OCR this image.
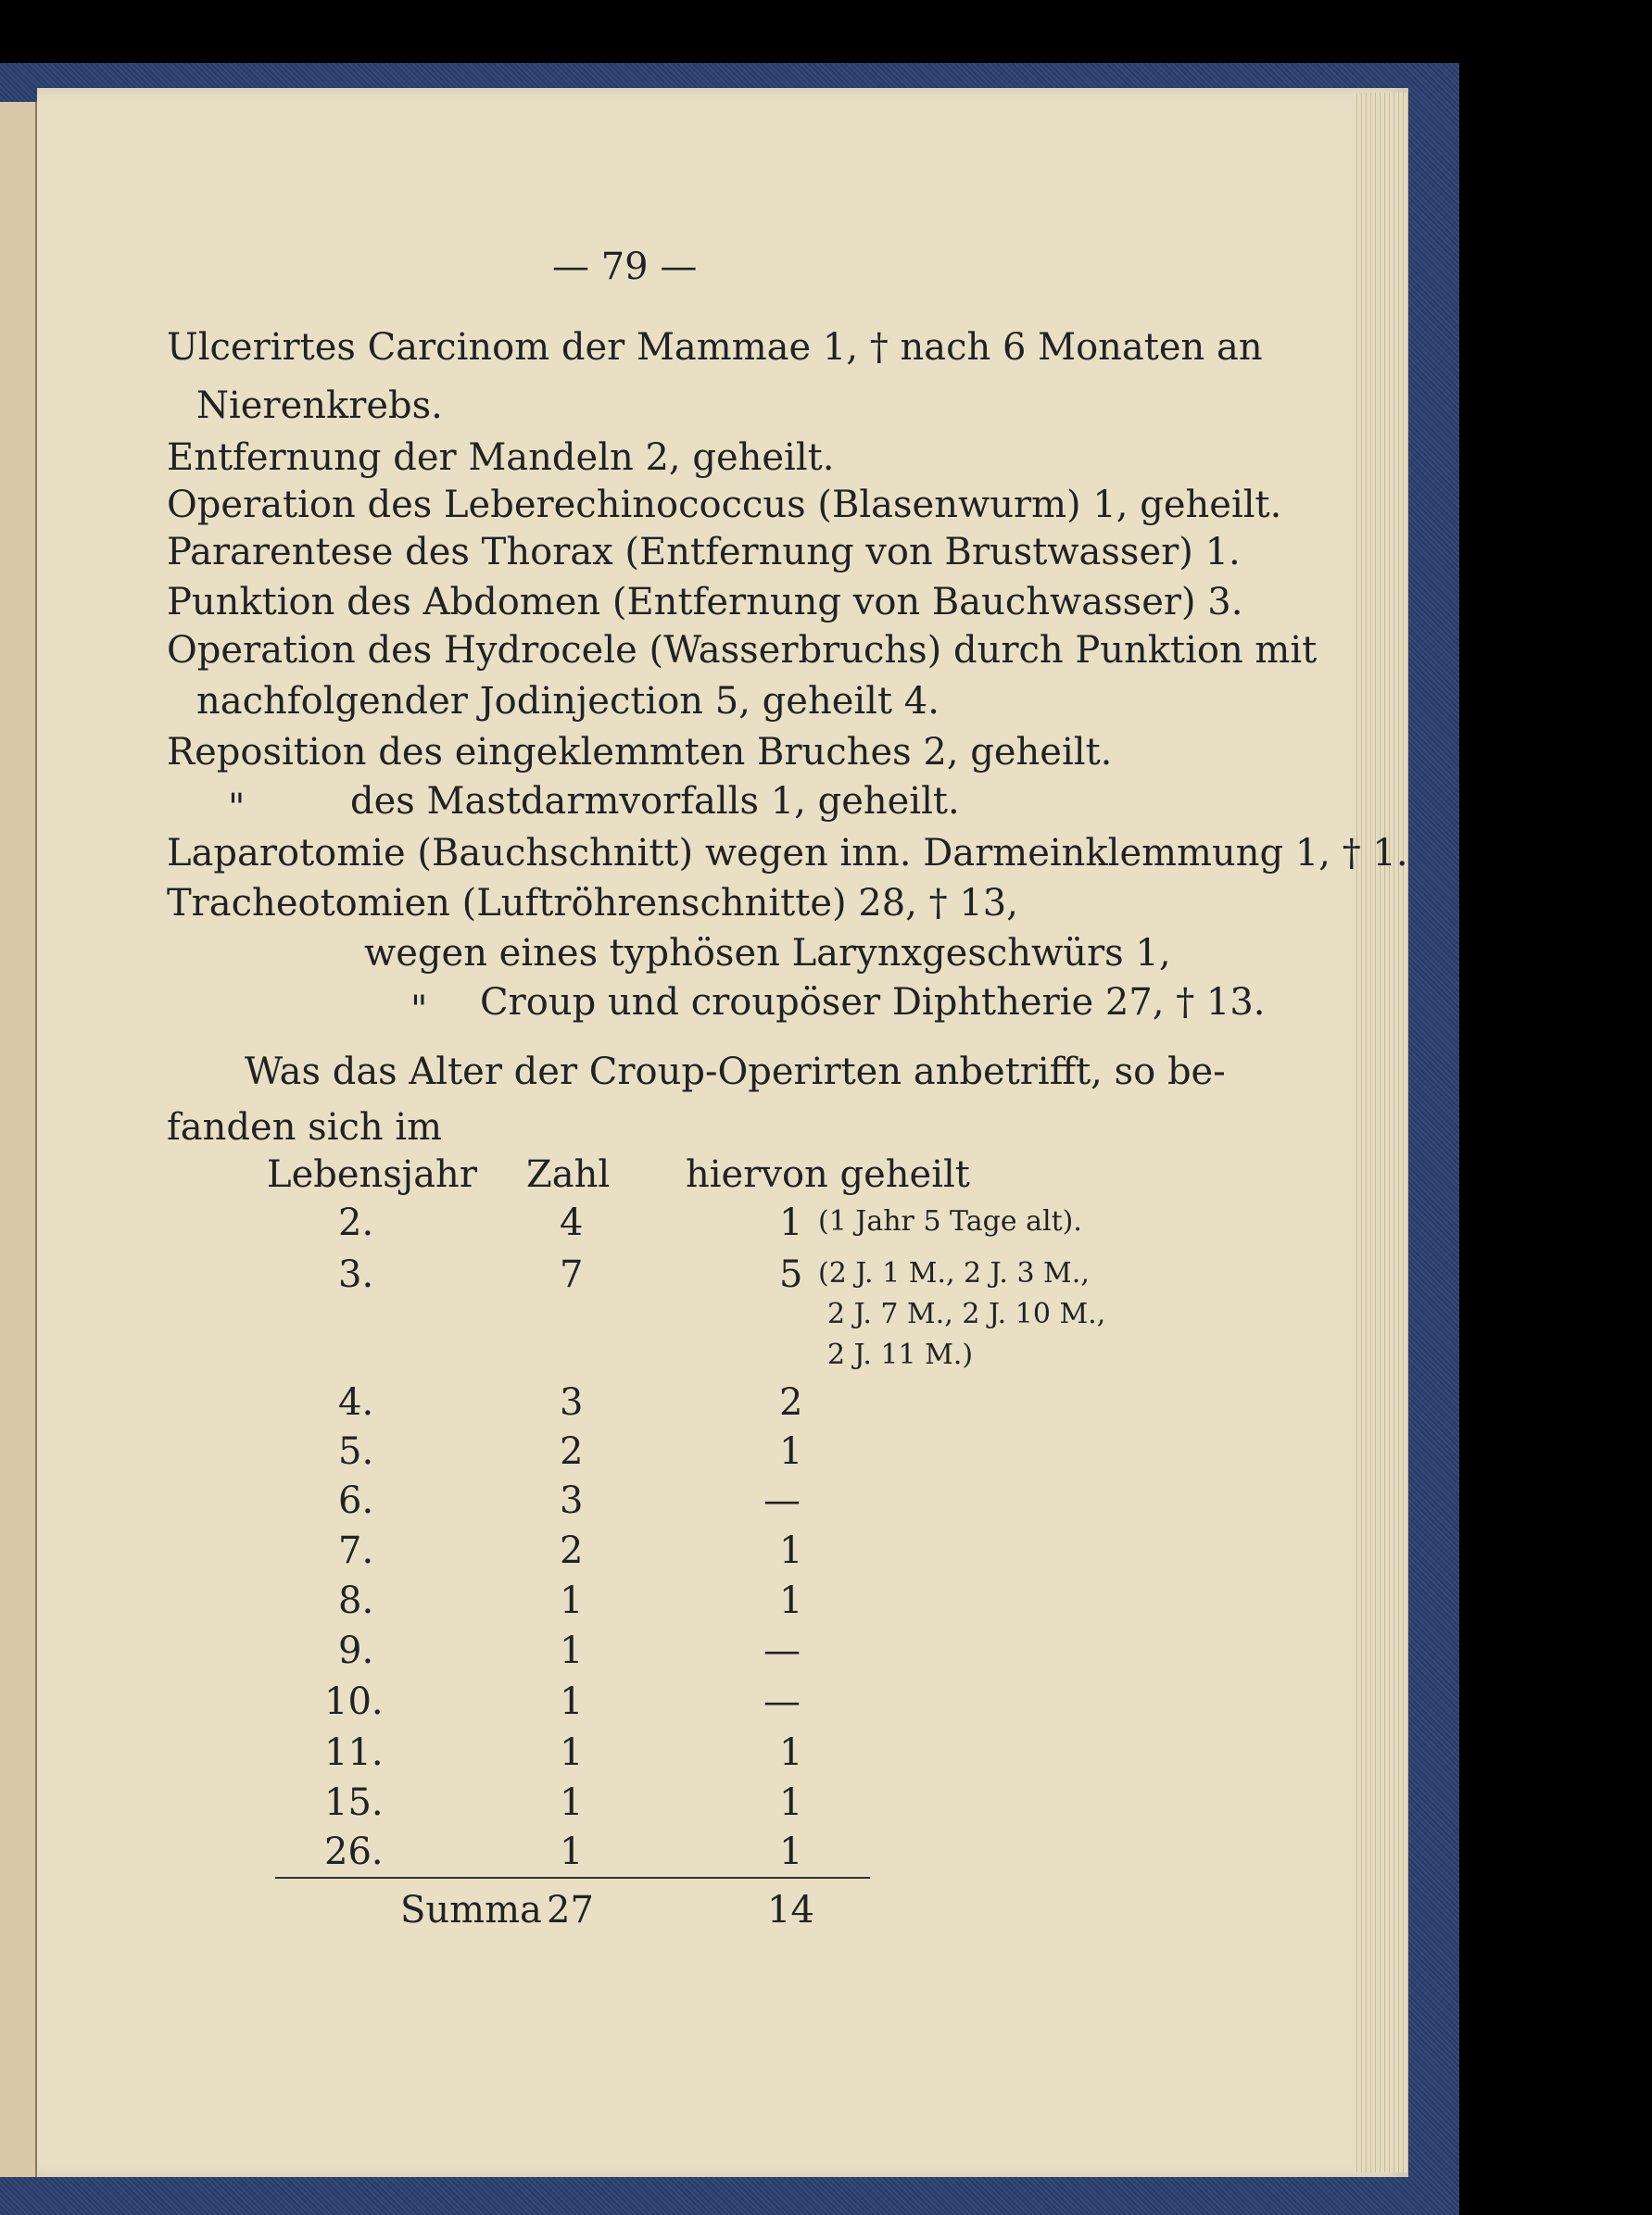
— 79 —
Ulcerirtes Carcinom der Mammae 1, † nach 6 Monaten an
Nierenkrebs.
Entfernung der Mandeln 2, geheilt.
Operation des Leberechinococcus (Blasenwurm) 1, geheilt.
Pararentese des Thorax (Entfernung von Brustwasser) 1.
Punktion des Abdomen (Entfernung von Bauchwasser) 3.
Operation des Hydrocele (Wasserbruchs) durch Punktion mit
nachfolgender Jodinjection 5, geheilt 4.
Reposition des eingeklemmten Bruches 2, geheilt.
"	des Mastdarmvorfalls 1, geheilt.
Laparotomie (Bauchschnitt) wegen inn. Darmeinklemmung 1, † 1.
Tracheotomien (Luftröhrenschnitte) 28, † 13,
wegen eines typhösen Larynxgeschwürs 1,
" Croup und croupöser Diphtherie 27, † 13.
Was das Alter der Croup-Operirten anbetrifft, so be-
fanden sich im
Lebensjahr Zahl hiervon geheilt
2.	4	1 (1 Jahr 5 Tage alt).
3.	7	5 (2 J. 1 M., 2 J. 3 M.,
2 J. 7 M., 2 J. 10 M.,
2 J. 11 M.)
4.	3	2
5.	2	1
6.	3	—
7.	2	1
8.	1	1
9.	1	—
10.	1	—
11.	1	1
15.	1	1
26.	1	1
Summa 27	14
